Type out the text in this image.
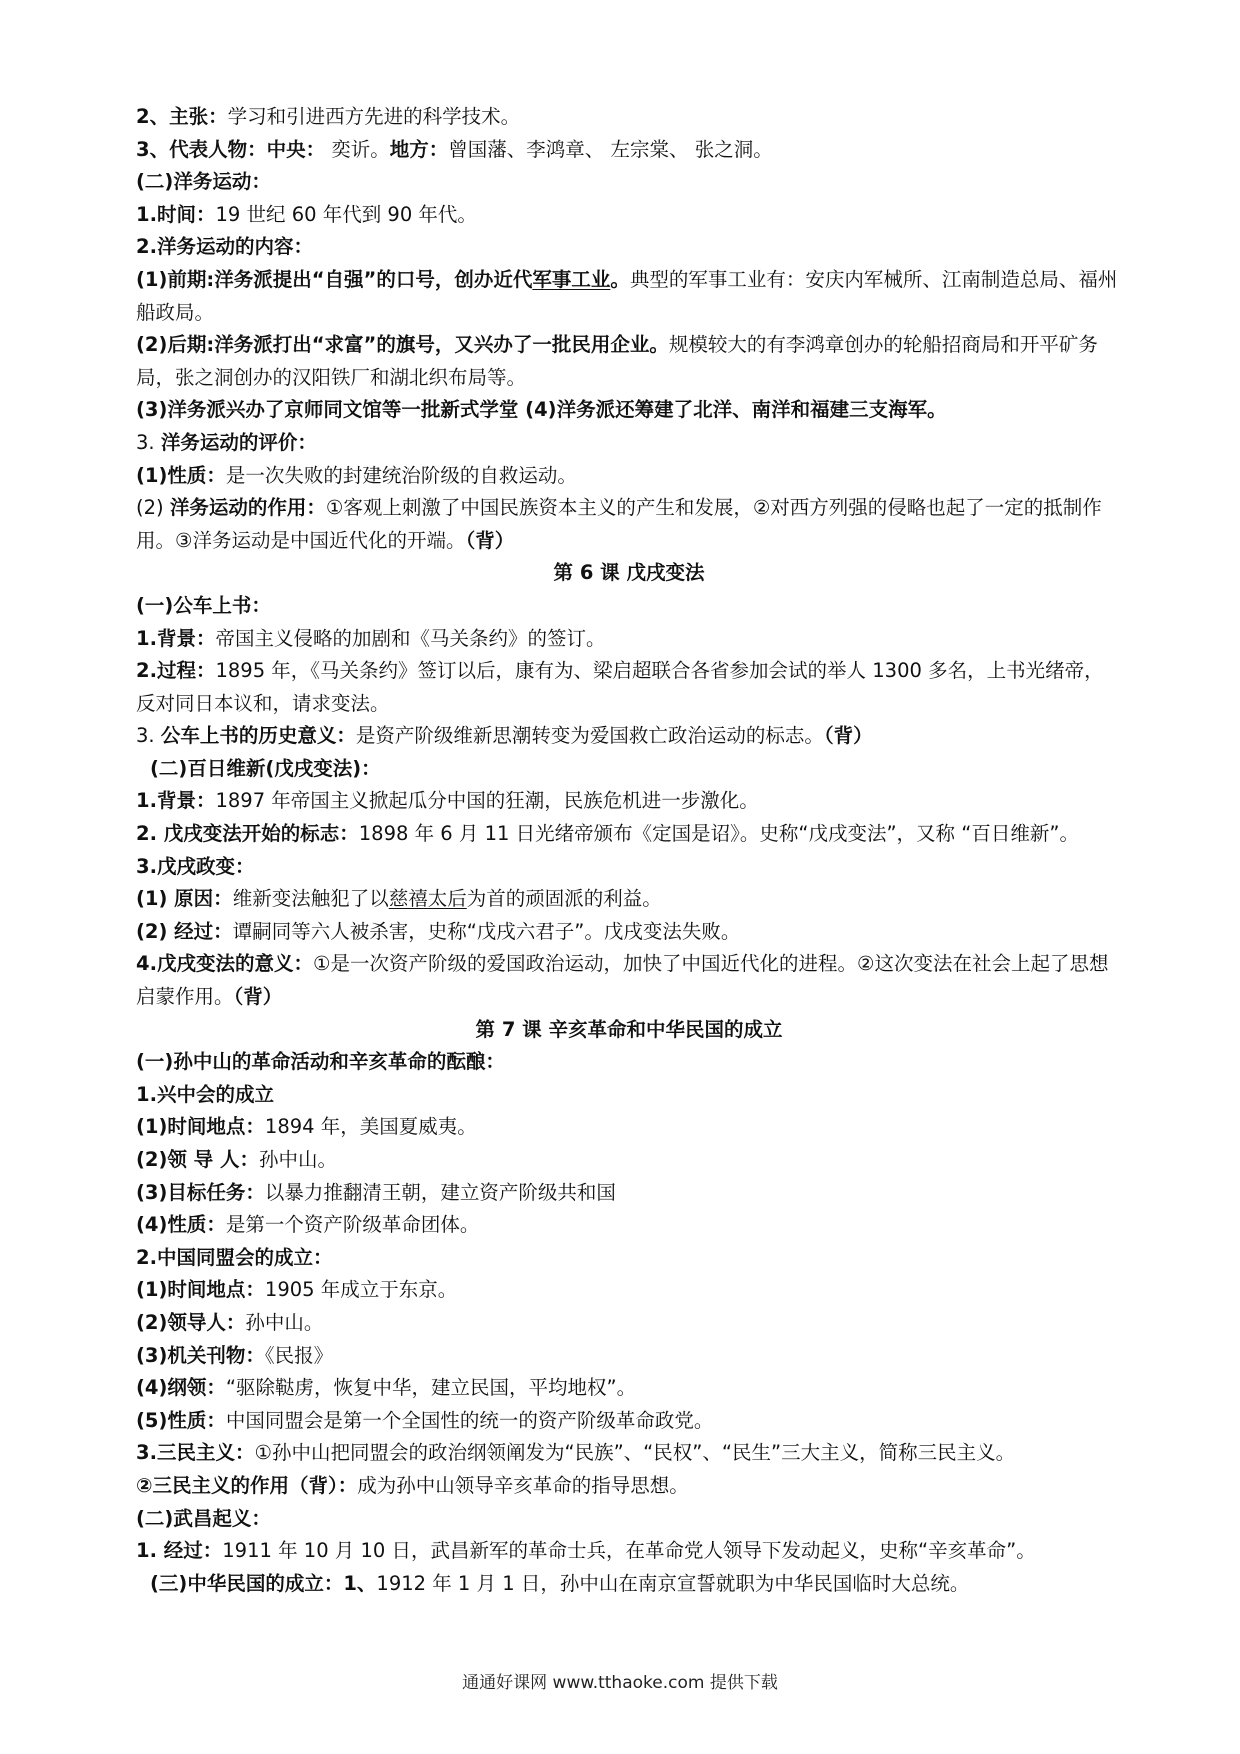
2、主张：学习和引进西方先进的科学技术。
3、代表人物：中央： 奕䜣。地方：曾国藩、李鸿章、 左宗棠、 张之洞。
(二)洋务运动：
1.时间：19 世纪 60 年代到 90 年代。
2.洋务运动的内容：
(1)前期:洋务派提出“自强”的口号，创办近代军事工业。典型的军事工业有：安庆内军械所、江南制造总局、福州船政局。
(2)后期:洋务派打出“求富”的旗号，又兴办了一批民用企业。规模较大的有李鸿章创办的轮船招商局和开平矿务局，张之洞创办的汉阳铁厂和湖北织布局等。
(3)洋务派兴办了京师同文馆等一批新式学堂 (4)洋务派还筹建了北洋、南洋和福建三支海军。
3. 洋务运动的评价：
(1)性质：是一次失败的封建统治阶级的自救运动。
(2) 洋务运动的作用：①客观上刺激了中国民族资本主义的产生和发展，②对西方列强的侵略也起了一定的抵制作用。③洋务运动是中国近代化的开端。（背）
第 6 课 戊戌变法
(一)公车上书：
1.背景：帝国主义侵略的加剧和《马关条约》的签订。
2.过程：1895 年，《马关条约》签订以后，康有为、梁启超联合各省参加会试的举人 1300 多名，上书光绪帝，反对同日本议和，请求变法。
3. 公车上书的历史意义：是资产阶级维新思潮转变为爱国救亡政治运动的标志。（背）
(二)百日维新(戊戌变法)：
1.背景：1897 年帝国主义掀起瓜分中国的狂潮，民族危机进一步激化。
2. 戊戌变法开始的标志：1898 年 6 月 11 日光绪帝颁布《定国是诏》。史称“戊戌变法”，又称 “百日维新”。
3.戊戌政变：
(1) 原因：维新变法触犯了以慈禧太后为首的顽固派的利益。
(2) 经过：谭嗣同等六人被杀害，史称“戊戌六君子”。戊戌变法失败。
4.戊戌变法的意义：①是一次资产阶级的爱国政治运动，加快了中国近代化的进程。②这次变法在社会上起了思想启蒙作用。（背）
第 7 课 辛亥革命和中华民国的成立
(一)孙中山的革命活动和辛亥革命的酝酿：
1.兴中会的成立
(1)时间地点：1894 年，美国夏威夷。
(2)领 导 人：孙中山。
(3)目标任务：以暴力推翻清王朝，建立资产阶级共和国
(4)性质：是第一个资产阶级革命团体。
2.中国同盟会的成立：
(1)时间地点：1905 年成立于东京。
(2)领导人：孙中山。
(3)机关刊物：《民报》
(4)纲领：“驱除鞑虏，恢复中华，建立民国，平均地权”。
(5)性质：中国同盟会是第一个全国性的统一的资产阶级革命政党。
3.三民主义：①孙中山把同盟会的政治纲领阐发为“民族”、“民权”、“民生”三大主义，简称三民主义。
②三民主义的作用（背）：成为孙中山领导辛亥革命的指导思想。
(二)武昌起义：
1. 经过：1911 年 10 月 10 日，武昌新军的革命士兵，在革命党人领导下发动起义，史称“辛亥革命”。
(三)中华民国的成立：1、1912 年 1 月 1 日，孙中山在南京宣誓就职为中华民国临时大总统。
通通好课网 www.tthaoke.com 提供下载
